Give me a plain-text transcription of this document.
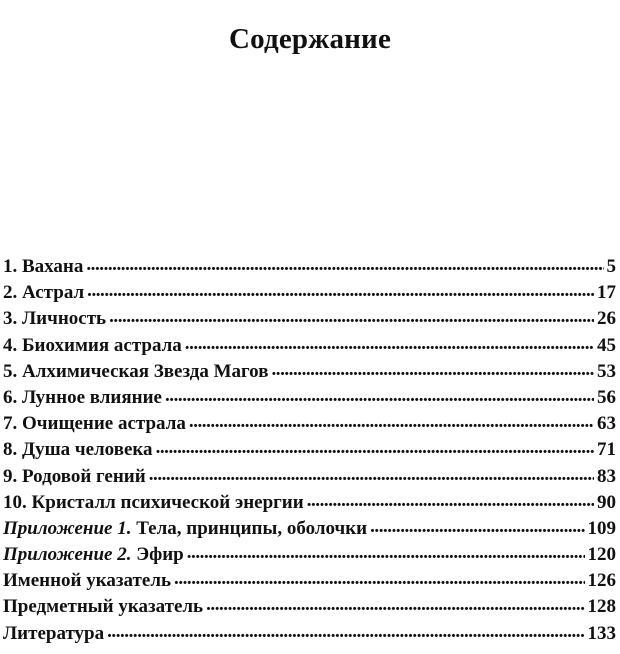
Содержание
1. Вахана . . .	5
2. Астрал . . .	17
3. Личность . . .	26
4. Биохимия астрала . . .	45
5. Алхимическая Звезда Магов . . .	53
6. Лунное влияние . . .	56
7. Очищение астрала . . .	63
8. Душа человека . . .	71
9. Родовой гений . . .	83
10. Кристалл психической энергии . . .	90
Приложение 1. Тела, принципы, оболочки . . .	109
Приложение 2. Эфир . . .	120
Именной указатель . . .	126
Предметный указатель . . .	128
Литература . . .	133
